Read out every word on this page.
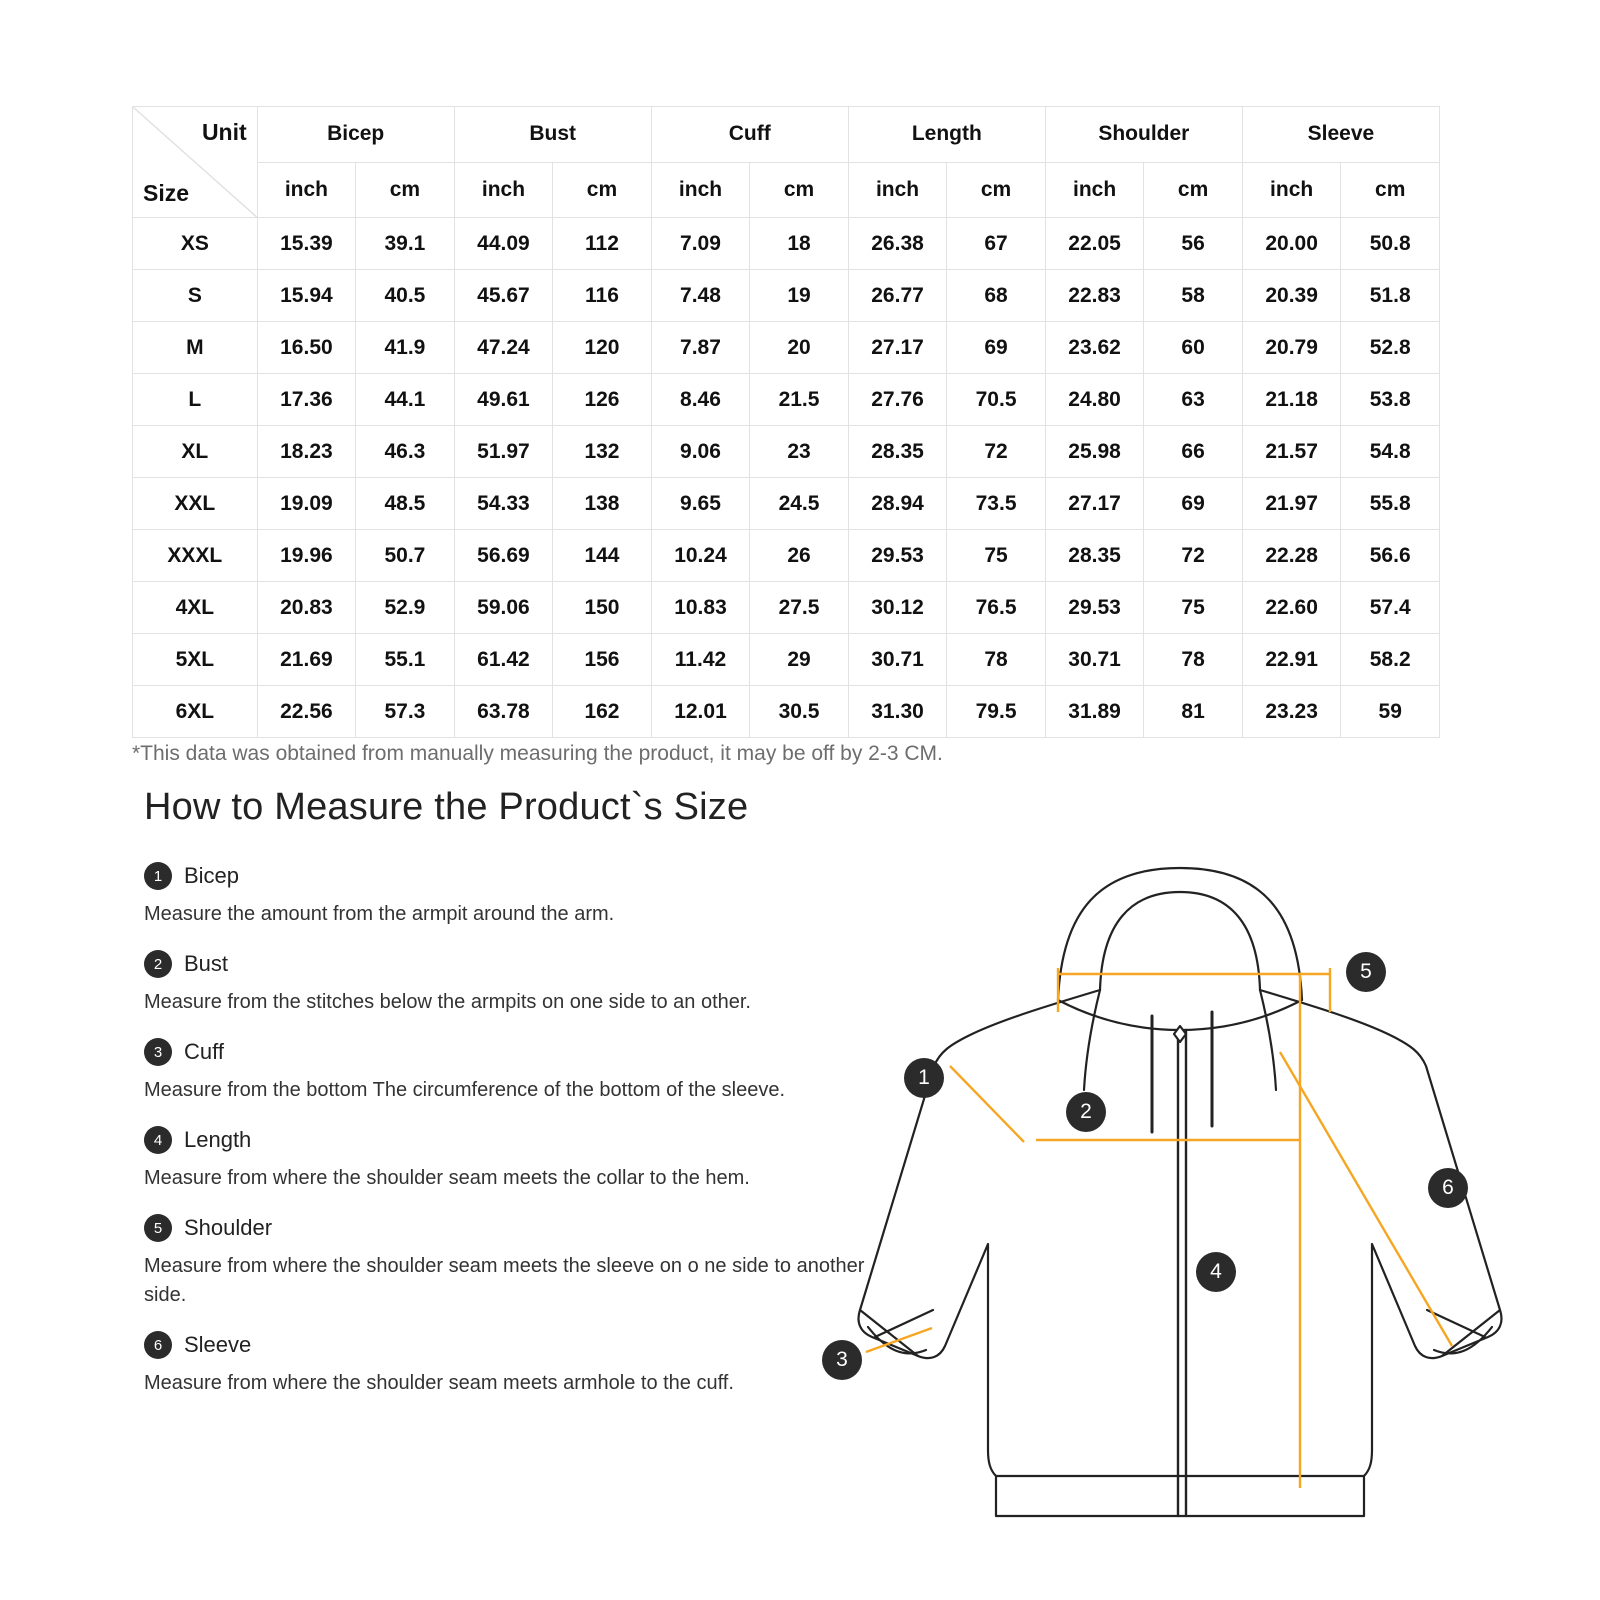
Unit
Size	Bicep		Bust		Cuff		Length		Shoulder		Sleeve	
	inch	cm	inch	cm	inch	cm	inch	cm	inch	cm	inch	cm
XS	15.39	39.1	44.09	112	7.09	18	26.38	67	22.05	56	20.00	50.8
S	15.94	40.5	45.67	116	7.48	19	26.77	68	22.83	58	20.39	51.8
M	16.50	41.9	47.24	120	7.87	20	27.17	69	23.62	60	20.79	52.8
L	17.36	44.1	49.61	126	8.46	21.5	27.76	70.5	24.80	63	21.18	53.8
XL	18.23	46.3	51.97	132	9.06	23	28.35	72	25.98	66	21.57	54.8
XXL	19.09	48.5	54.33	138	9.65	24.5	28.94	73.5	27.17	69	21.97	55.8
XXXL	19.96	50.7	56.69	144	10.24	26	29.53	75	28.35	72	22.28	56.6
4XL	20.83	52.9	59.06	150	10.83	27.5	30.12	76.5	29.53	75	22.60	57.4
5XL	21.69	55.1	61.42	156	11.42	29	30.71	78	30.71	78	22.91	58.2
6XL	22.56	57.3	63.78	162	12.01	30.5	31.30	79.5	31.89	81	23.23	59
*This data was obtained from manually measuring the product, it may be off by 2-3 CM.
How to Measure the Product`s Size
1 Bicep
Measure the amount from the armpit around the arm.
2 Bust
Measure from the stitches below the armpits on one side to an other.
3 Cuff
Measure from the bottom The circumference of the bottom of the sleeve.
4 Length
Measure from where the shoulder seam meets the collar to the hem.
5 Shoulder
Measure from where the shoulder seam meets the sleeve on o ne side to another side.
6 Sleeve
Measure from where the shoulder seam meets armhole to the cuff.
1
2
3
4
5
6
